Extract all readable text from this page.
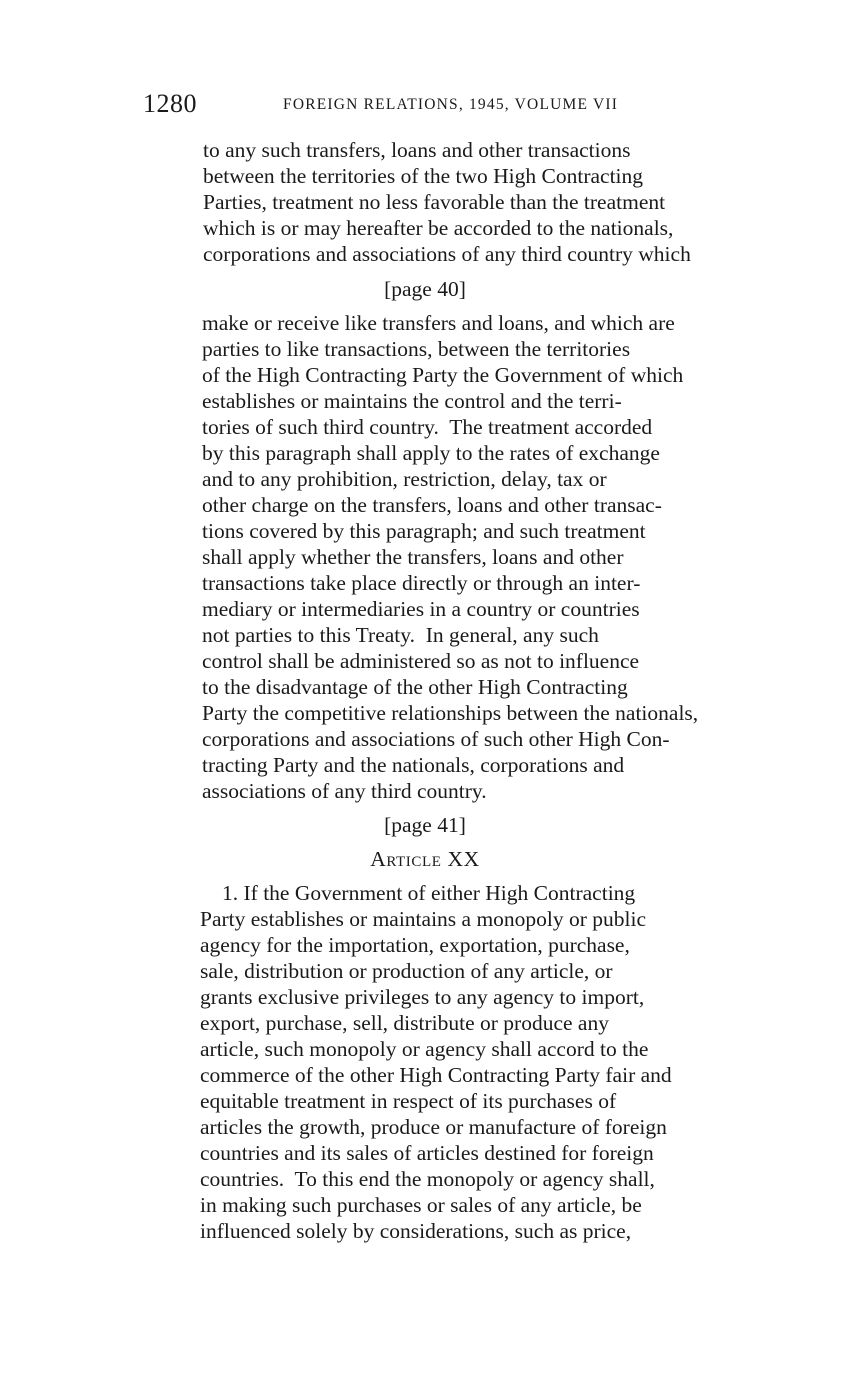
1280	FOREIGN RELATIONS, 1945, VOLUME VII
to any such transfers, loans and other transactions
between the territories of the two High Contracting
Parties, treatment no less favorable than the treatment
which is or may hereafter be accorded to the nationals,
corporations and associations of any third country which
[page 40]
make or receive like transfers and loans, and which are
parties to like transactions, between the territories
of the High Contracting Party the Government of which
establishes or maintains the control and the terri-
tories of such third country.  The treatment accorded
by this paragraph shall apply to the rates of exchange
and to any prohibition, restriction, delay, tax or
other charge on the transfers, loans and other transac-
tions covered by this paragraph; and such treatment
shall apply whether the transfers, loans and other
transactions take place directly or through an inter-
mediary or intermediaries in a country or countries
not parties to this Treaty.  In general, any such
control shall be administered so as not to influence
to the disadvantage of the other High Contracting
Party the competitive relationships between the nationals,
corporations and associations of such other High Con-
tracting Party and the nationals, corporations and
associations of any third country.
[page 41]
Article XX
1. If the Government of either High Contracting
Party establishes or maintains a monopoly or public
agency for the importation, exportation, purchase,
sale, distribution or production of any article, or
grants exclusive privileges to any agency to import,
export, purchase, sell, distribute or produce any
article, such monopoly or agency shall accord to the
commerce of the other High Contracting Party fair and
equitable treatment in respect of its purchases of
articles the growth, produce or manufacture of foreign
countries and its sales of articles destined for foreign
countries.  To this end the monopoly or agency shall,
in making such purchases or sales of any article, be
influenced solely by considerations, such as price,
